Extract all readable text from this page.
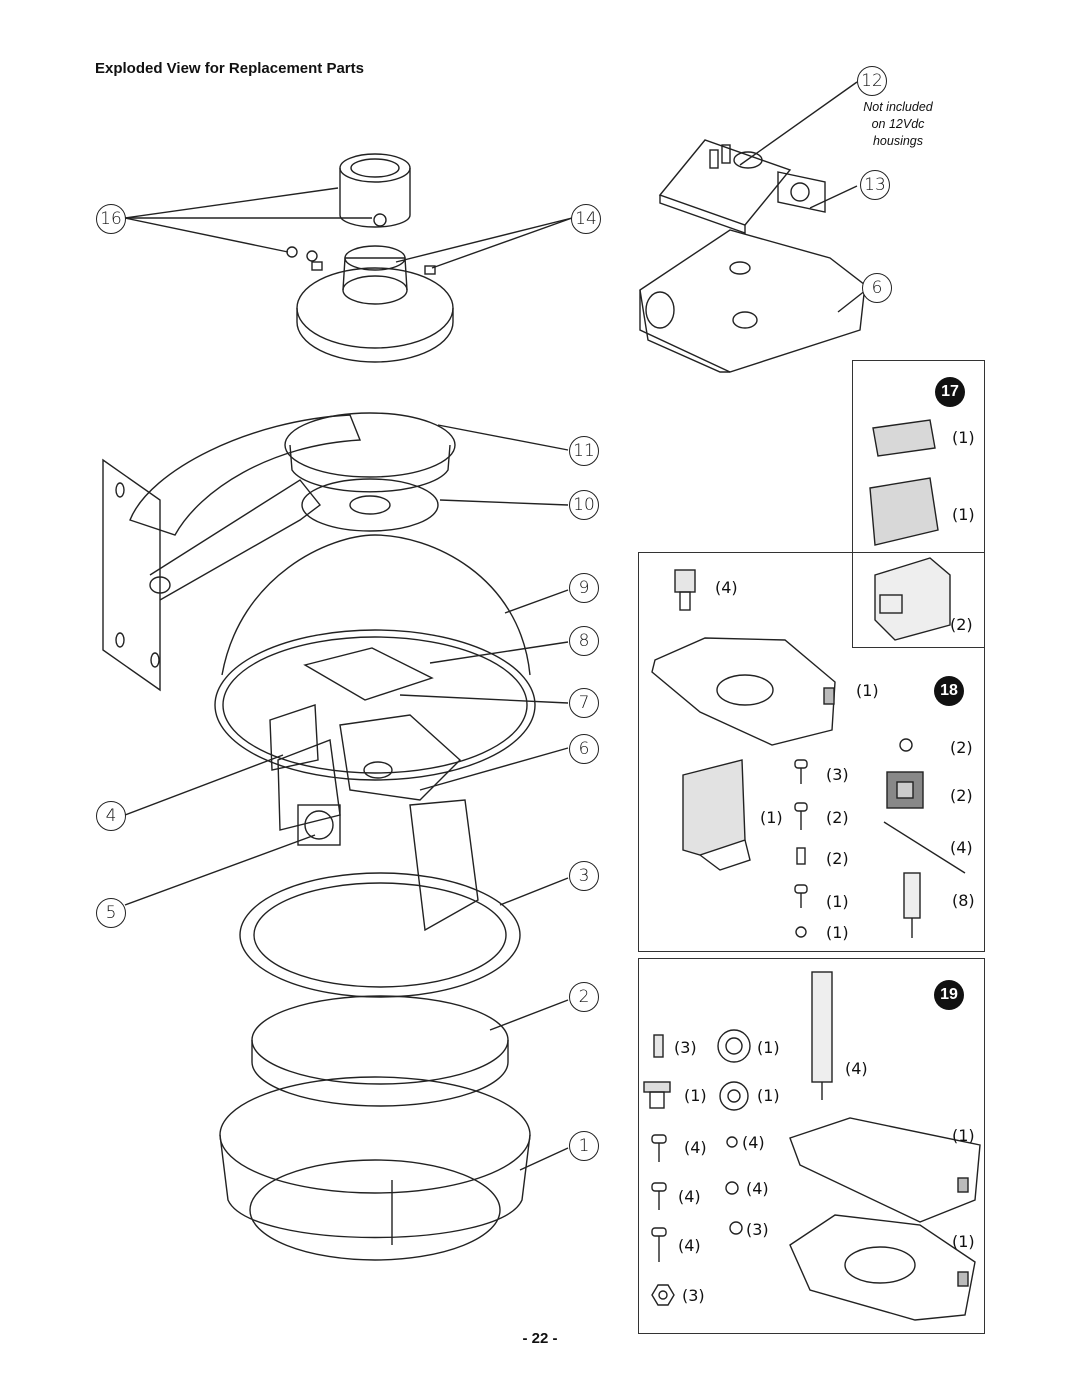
Exploded View for Replacement Parts
Not included
on 12Vdc
housings
12
13
16	14
6
11
10
9
8
7
6
4
3
5
2
1
17
18
19
(1)
(1)
(2)
(4)
(1)
(2)
(3)
(2)
(1)	(2)
(4)
(2)
(1)	(8)
(1)
(3)	(1)
(4)
(1)	(1)
(4) (4)	(1)
(4)	(4)
(3)
(4)	(1)
(3)
- 22 -
